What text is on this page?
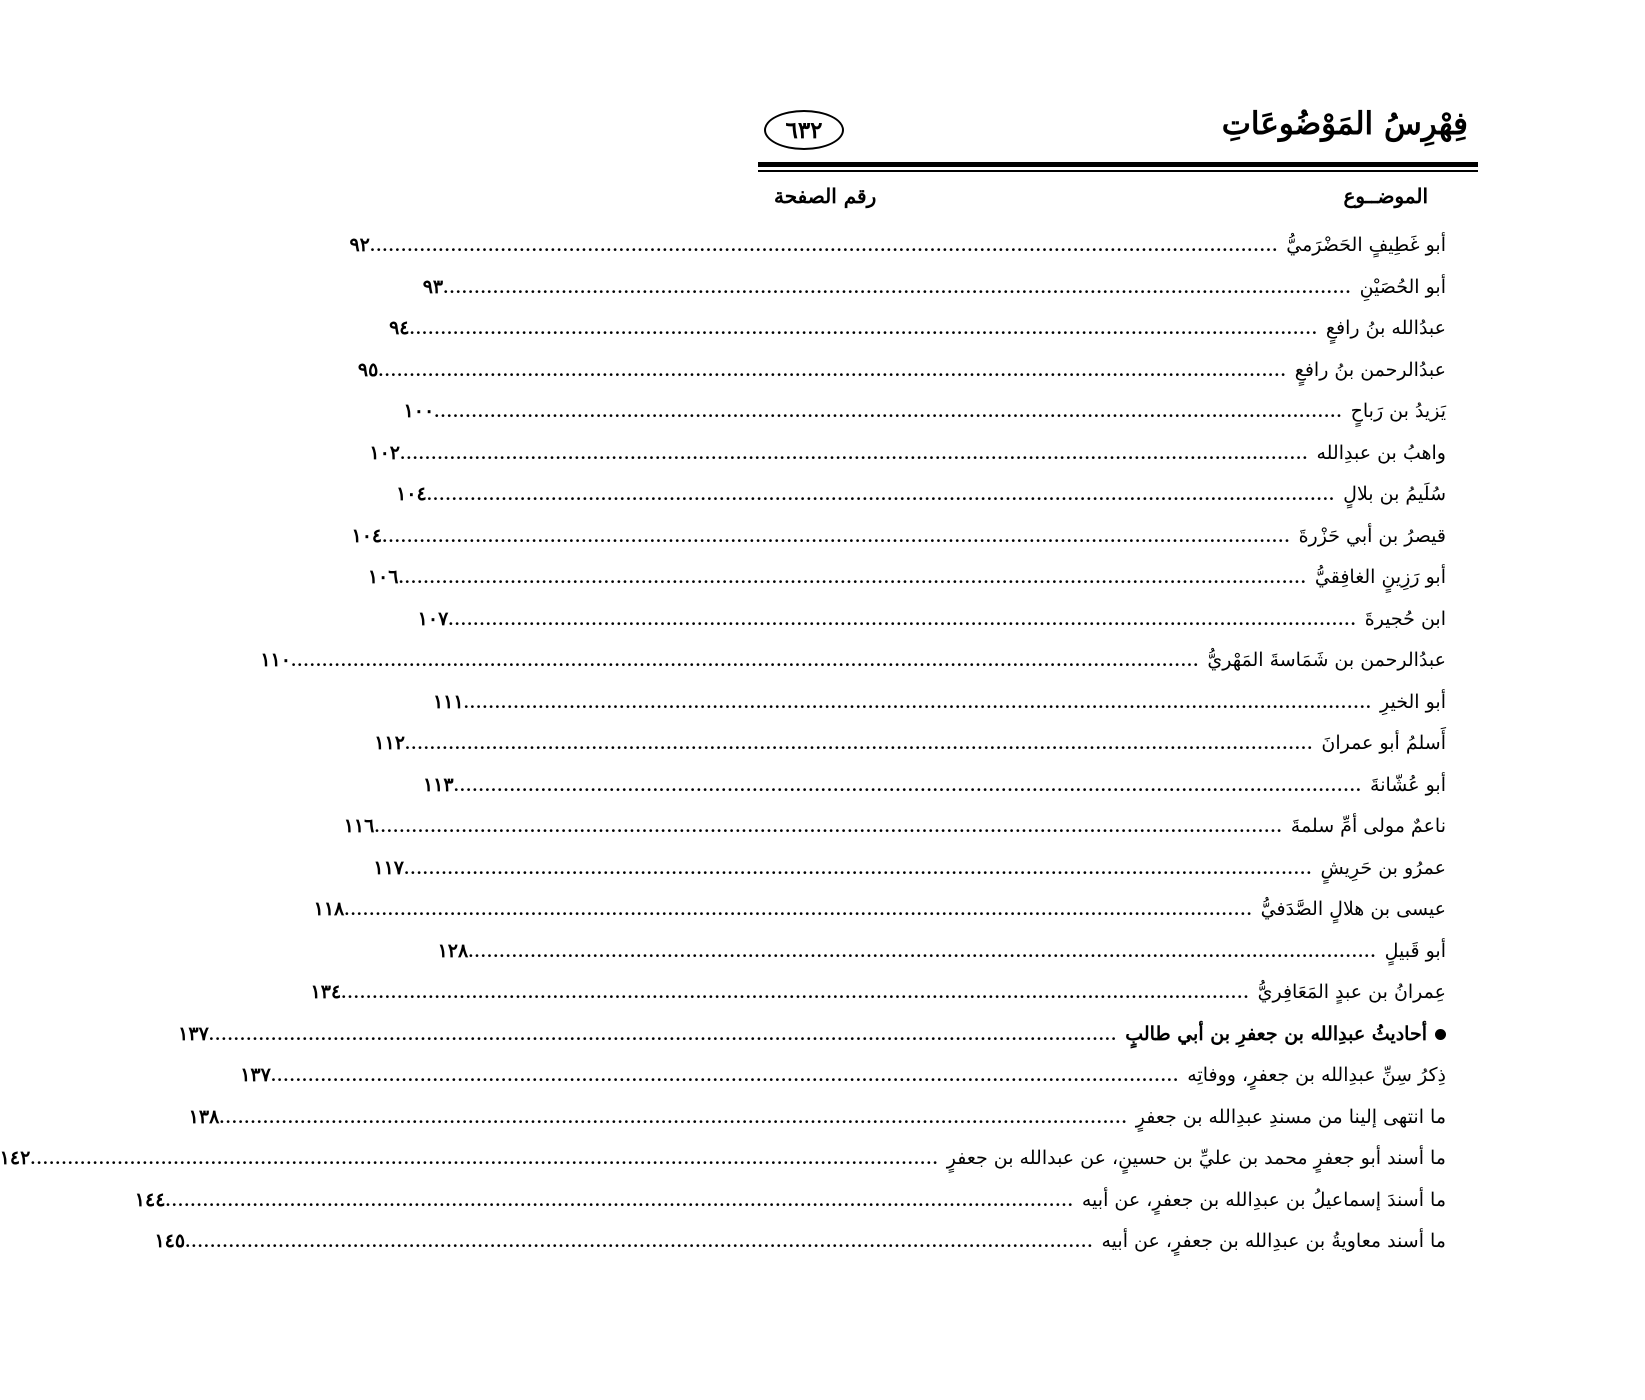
فِهْرِسُ المَوْضُوعَاتِ
٦٣٢
الموضــوع
رقم الصفحة
أبو غَطِيفٍ الحَضْرَميُّ
..................................................................................................................................................
٩٢
أبو الحُصَيْنِ
..................................................................................................................................................
٩٣
عبدُالله بنُ رافعٍ
..................................................................................................................................................
٩٤
عبدُالرحمن بنُ رافعٍ
..................................................................................................................................................
٩٥
يَزيدُ بن رَباحٍ
..................................................................................................................................................
١٠٠
واهبُ بن عبدِالله
..................................................................................................................................................
١٠٢
سُلَيمُ بن بلالٍ
..................................................................................................................................................
١٠٤
قيصرُ بن أبي حَزْرةَ
..................................................................................................................................................
١٠٤
أبو رَزِينٍ الغافِقيُّ
..................................................................................................................................................
١٠٦
ابن حُجيرةَ
..................................................................................................................................................
١٠٧
عبدُالرحمن بن شَمَاسةَ المَهْريُّ
..................................................................................................................................................
١١٠
أبو الخيرِ
..................................................................................................................................................
١١١
أَسلمُ أبو عمرانَ
..................................................................................................................................................
١١٢
أبو عُشّانةَ
..................................................................................................................................................
١١٣
ناعمٌ مولى أمِّ سلمةَ
..................................................................................................................................................
١١٦
عمرُو بن حَرِيشٍ
..................................................................................................................................................
١١٧
عيسى بن هلالٍ الصَّدَفيُّ
..................................................................................................................................................
١١٨
أبو قَبيلٍ
..................................................................................................................................................
١٢٨
عِمرانُ بن عبدٍ المَعَافِريُّ
..................................................................................................................................................
١٣٤
أحاديثُ عبدِالله بن جعفرِ بن أبي طالبٍ
..................................................................................................................................................
١٣٧
ذِكرُ سِنِّ عبدِالله بن جعفرٍ، ووفاتِه
..................................................................................................................................................
١٣٧
ما انتهى إلينا من مسندِ عبدِالله بن جعفرٍ
..................................................................................................................................................
١٣٨
ما أسند أبو جعفرٍ محمد بن عليِّ بن حسينٍ، عن عبدالله بن جعفرٍ
..................................................................................................................................................
١٤٢
ما أسندَ إسماعيلُ بن عبدِالله بن جعفرٍ، عن أبيه
..................................................................................................................................................
١٤٤
ما أسند معاويةُ بن عبدِالله بن جعفرٍ، عن أبيه
..................................................................................................................................................
١٤٥
